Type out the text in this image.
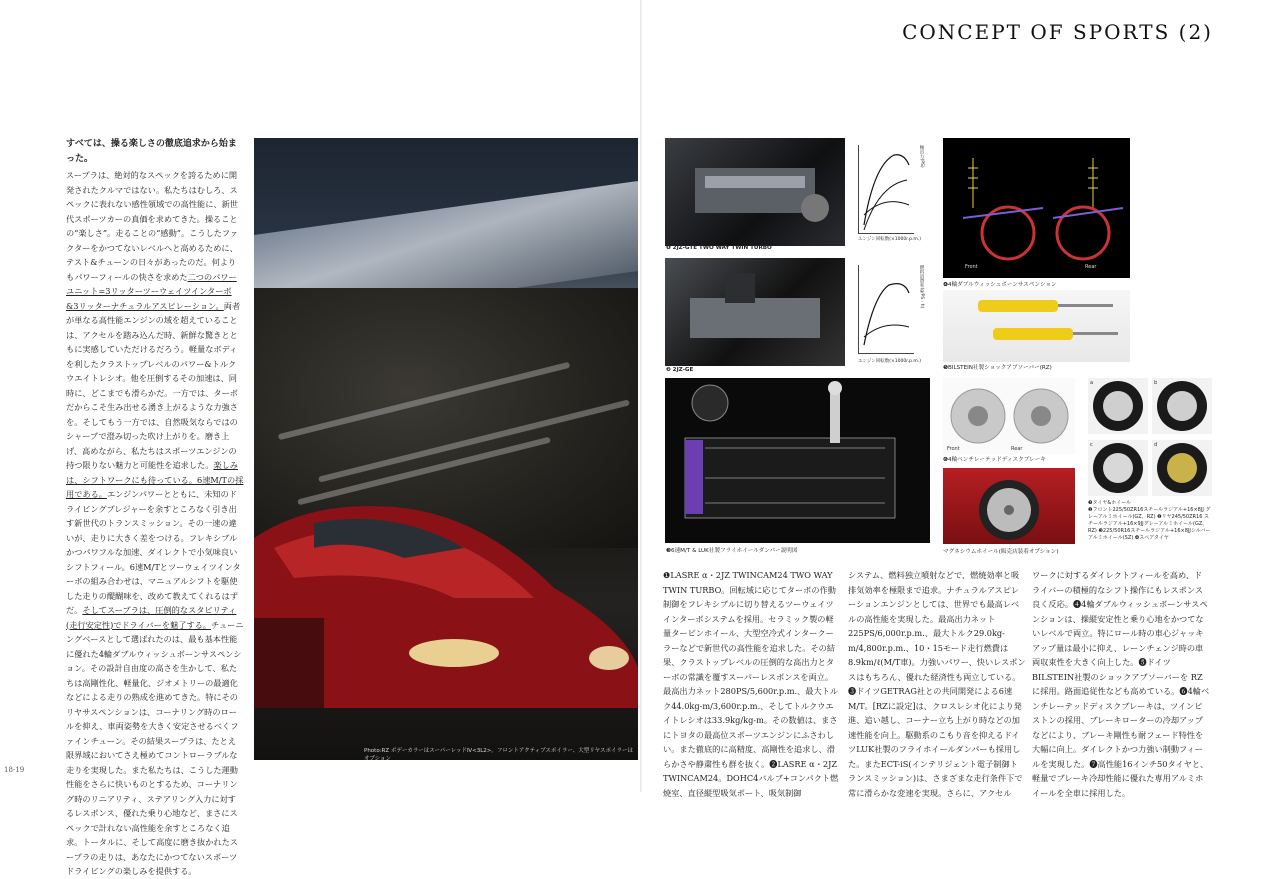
CONCEPT OF SPORTS (2)

すべては、操る楽しさの徹底追求から始まった。

スープラは、絶対的なスペックを誇るために開発されたクルマではない。私たちはむしろ、スペックに表れない感性領域での高性能に、新世代スポーツカーの真価を求めてきた。操ることの“楽しさ”。走ることの“感動”。こうしたファクターをかつてないレベルへと高めるために、テスト&チューンの日々があったのだ。何よりもパワーフィールの快さを求めた二つのパワーユニット=3リッターツーウェイツインターボ&3リッターナチュラルアスピレーション。両者が単なる高性能エンジンの域を超えていることは、アクセルを踏み込んだ時、新鮮な驚きとともに実感していただけるだろう。軽量なボディを利したクラストップレベルのパワー&トルクウエイトレシオ。他を圧倒するその加速は、同時に、どこまでも滑らかだ。一方では、ターボだからこそ生み出せる湧き上がるような力強さを。そしてもう一方では、自然吸気ならではのシャープで澄み切った吹け上がりを。磨き上げ、高めながら、私たちはスポーツエンジンの持つ限りない魅力と可能性を追求した。楽しみは、シフトワークにも待っている。6速M/Tの採用である。エンジンパワーとともに、未知のドライビングプレジャーを余すところなく引き出す新世代のトランスミッション。その一速の違いが、走りに大きく差をつける。フレキシブルかつパワフルな加速、ダイレクトで小気味良いシフトフィール。6速M/Tとツーウェイツインターボの組み合わせは、マニュアルシフトを駆使した走りの醍醐味を、改めて教えてくれるはずだ。そしてスープラは、圧倒的なスタビリティ(走行安定性)でドライバーを魅了する。チューニングベースとして選ばれたのは、最も基本性能に優れた4輪ダブルウィッシュボーンサスペンション。その設計自由度の高さを生かして、私たちは高剛性化、軽量化、ジオメトリーの最適化などによる走りの熟成を進めてきた。特にそのリヤサスペンションは、コーナリング時のロールを抑え、車両姿勢を大きく安定させるべくファインチューン。その結果スープラは、たとえ限界域においてさえ極めてコントローラブルな走りを実現した。また私たちは、こうした運動性能をさらに快いものとするため、コーナリング時のリニアリティ、ステアリング入力に対するレスポンス、優れた乗り心地など、まさにスペックで計れない高性能を余すところなく追求。トータルに、そして高度に磨き抜かれたスープラの走りは、あなたにかつてないスポーツドライビングの楽しみを提供する。

18-19
Photo:RZ ボデーカラーはスーパーレッドⅣ<3L2>。フロントアクティブスポイラー、大型リヤスポイラーはオプション
❶ 2JZ-GTE TWO WAY TWIN TURBO
軸出力(PS)
エンジン回転数(×1000r.p.m.)
❷ 2JZ-GE
燃料消費率(g/PS・h)
エンジン回転数(×1000r.p.m.)
❸6速M/T & LUK社製フライホイールダンパー説明図
Front	Rear
❹4輪ダブルウィッシュボーンサスペンション
❺BILSTEIN社製ショックアブソーバー(RZ)
Front	Rear
❻4輪ベンチレーテッドディスクブレーキ
マグネシウムホイール(販売店装着オプション)
a	b
c	d
❼タイヤ&ホイール
❶フロント225/50ZR16スチールラジアル+16×8JJ グレーアルミホイール(GZ、RZ) ❷リヤ245/50ZR16 スチールラジアル+16×9JJグレーアルミホイール(GZ、RZ) ❸225/50R16スチールラジアル+16×8JJシルバーアルミホイール(SZ) ❹スペアタイヤ
❶LASRE α・2JZ TWINCAM24 TWO WAY TWIN TURBO。回転域に応じてターボの作動制御をフレキシブルに切り替えるツーウェイツインターボシステムを採用。セラミック製の軽量タービンホイール、大型空冷式インタークーラーなどで新世代の高性能を追求した。その結果、クラストップレベルの圧倒的な高出力とターボの常識を覆すスーパーレスポンスを両立。最高出力ネット280PS/5,600r.p.m.、最大トルク44.0kg-m/3,600r.p.m.、そしてトルクウエイトレシオは33.9kg/kg-m。その数値は、まさにトヨタの最高位スポーツエンジンにふさわしい。また徹底的に高精度、高剛性を追求し、滑らかさや静粛性も群を抜く。❷LASRE α・2JZ TWINCAM24。DOHC4バルブ+コンパクト燃焼室、直径縦型吸気ポート、吸気制御
システム、燃料独立噴射などで、燃焼効率と吸排気効率を極限まで追求。ナチュラルアスピレーションエンジンとしては、世界でも最高レベルの高性能を実現した。最高出力ネット225PS/6,000r.p.m.、最大トルク29.0kg-m/4,800r.p.m.、10・15モード走行燃費は8.9km/ℓ(M/T車)。力強いパワー、快いレスポンスはもちろん、優れた経済性も両立している。❸ドイツGETRAG社との共同開発による6速M/T。[RZに設定]は、クロスレシオ化により発進、追い越し、コーナー立ち上がり時などの加速性能を向上。駆動系のこもり音を抑えるドイツLUK社製のフライホイールダンパーも採用した。またECT-iS(インテリジェント電子制御トランスミッション)は、さまざまな走行条件下で常に滑らかな変速を実現。さらに、アクセル
ワークに対するダイレクトフィールを高め、ドライバーの積極的なシフト操作にもレスポンス良く反応。❹4輪ダブルウィッシュボーンサスペンションは、操縦安定性と乗り心地をかつてないレベルで両立。特にロール時の車心ジャッキアップ量は最小に抑え、レーンチェンジ時の車両収束性を大きく向上した。❺ドイツBILSTEIN社製のショックアブソーバーを RZに採用。路面追従性なども高めている。❻4輪ベンチレーテッドディスクブレーキは、ツインピストンの採用、ブレーキローターの冷却アップなどにより、ブレーキ剛性も耐フェード特性を大幅に向上。ダイレクトかつ力強い制動フィールを実現した。❼高性能16インチ50タイヤと、軽量でブレーキ冷却性能に優れた専用アルミホイールを全車に採用した。
